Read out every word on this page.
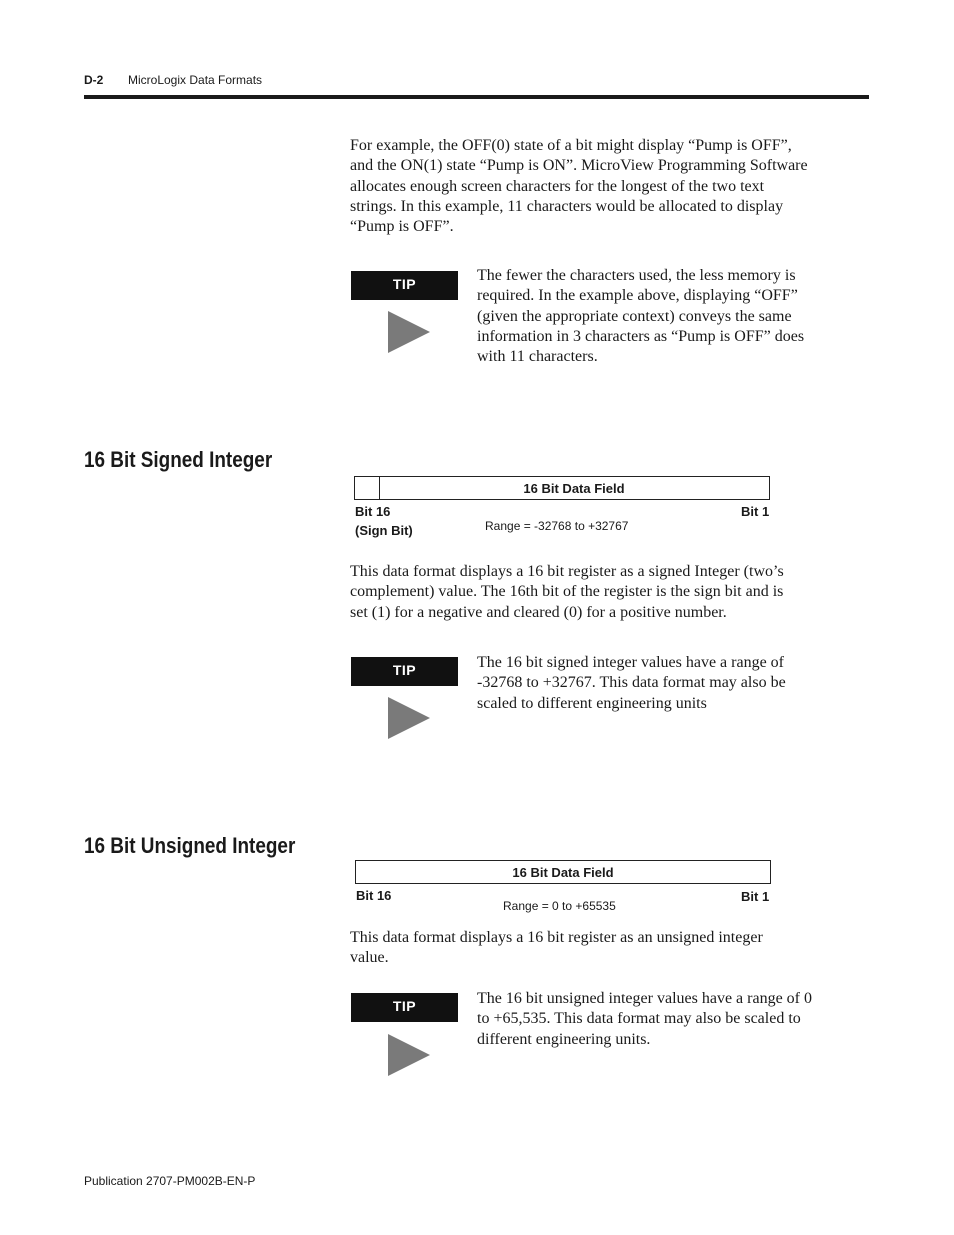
D-2 MicroLogix Data Formats
For example, the OFF(0) state of a bit might display “Pump is OFF”,
and the ON(1) state “Pump is ON”. MicroView Programming Software
allocates enough screen characters for the longest of the two text
strings. In this example, 11 characters would be allocated to display
“Pump is OFF”.
TIP	The fewer the characters used, the less memory is
required. In the example above, displaying “OFF”
(given the appropriate context) conveys the same
information in 3 characters as “Pump is OFF” does
with 11 characters.
16 Bit Signed Integer
16 Bit Data Field
Bit 16
(Sign Bit)
Bit 1
Range = -32768 to +32767
This data format displays a 16 bit register as a signed Integer (two’s
complement) value. The 16th bit of the register is the sign bit and is
set (1) for a negative and cleared (0) for a positive number.
TIP	The 16 bit signed integer values have a range of
-32768 to +32767. This data format may also be
scaled to different engineering units
16 Bit Unsigned Integer
16 Bit Data Field
Bit 16	Bit 1
Range = 0 to +65535
This data format displays a 16 bit register as an unsigned integer
value.
TIP	The 16 bit unsigned integer values have a range of 0
to +65,535. This data format may also be scaled to
different engineering units.
Publication 2707-PM002B-EN-P
